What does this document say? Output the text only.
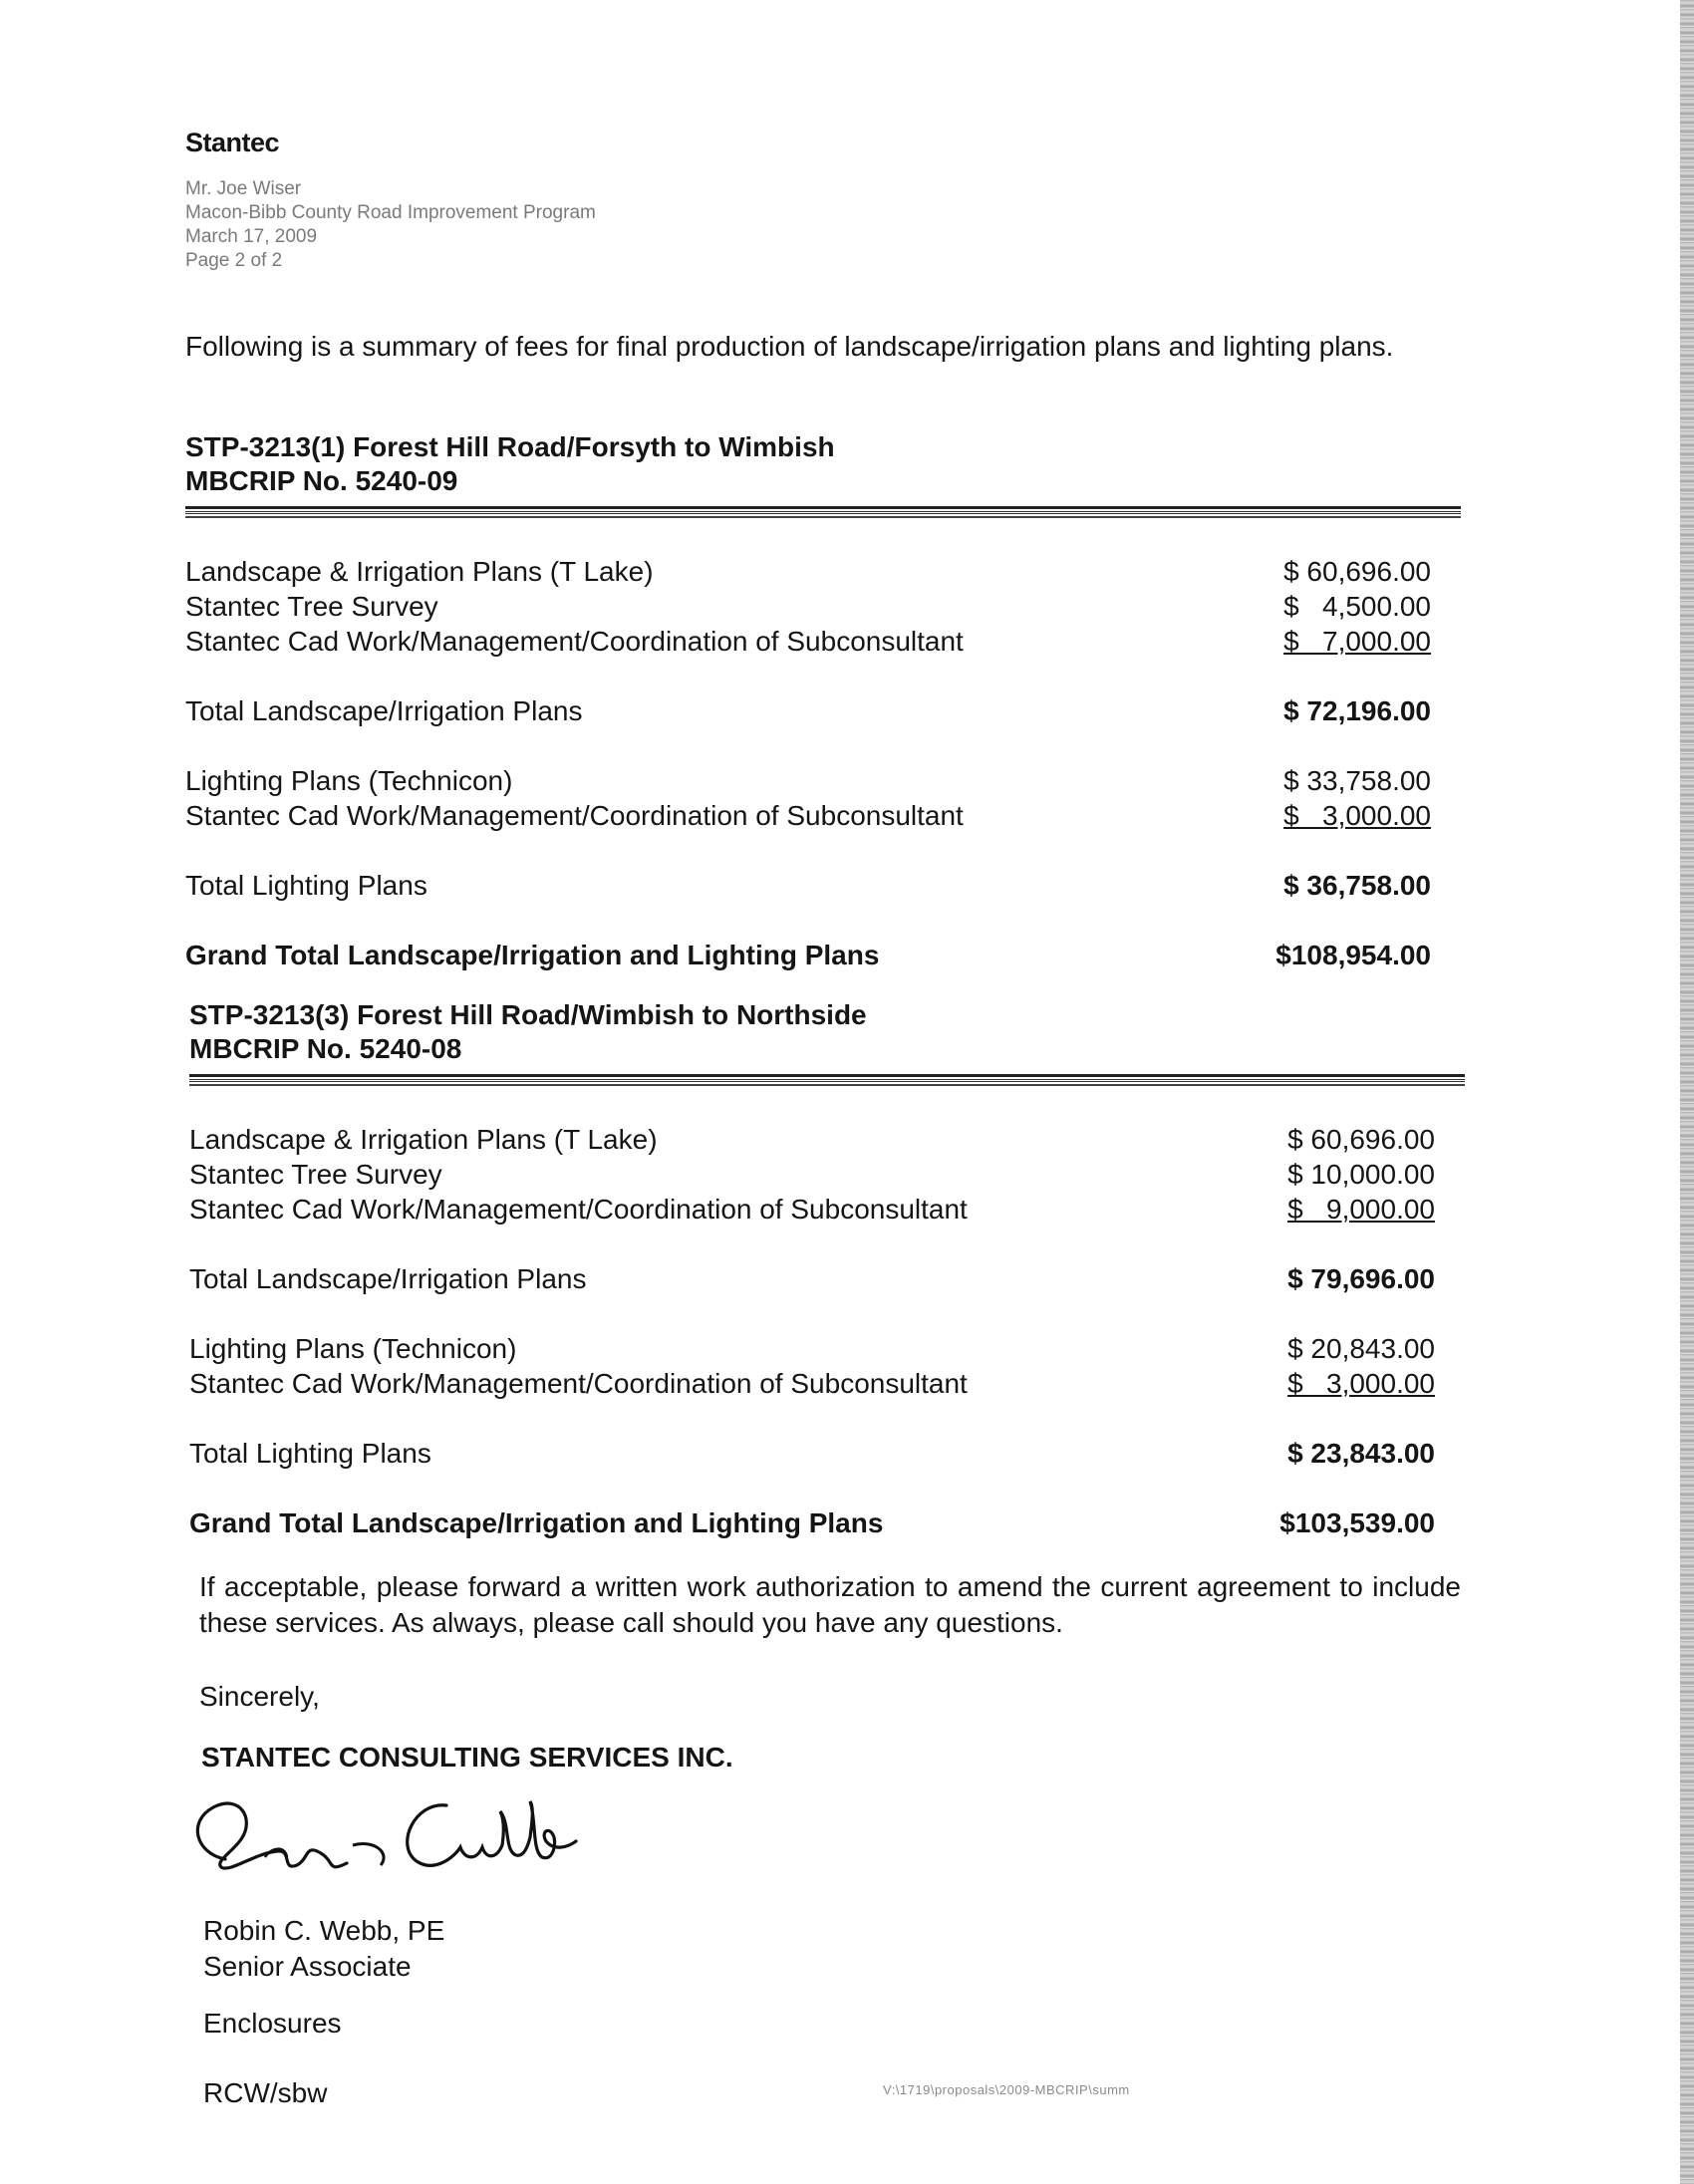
Stantec
Mr. Joe Wiser
Macon-Bibb County Road Improvement Program
March 17, 2009
Page 2 of 2
Following is a summary of fees for final production of landscape/irrigation plans and lighting plans.
STP-3213(1) Forest Hill Road/Forsyth to Wimbish
MBCRIP No. 5240-09
Landscape & Irrigation Plans (T Lake)	$ 60,696.00
Stantec Tree Survey	$   4,500.00
Stantec Cad Work/Management/Coordination of Subconsultant	$   7,000.00
Total Landscape/Irrigation Plans	$ 72,196.00
Lighting Plans (Technicon)	$ 33,758.00
Stantec Cad Work/Management/Coordination of Subconsultant	$   3,000.00
Total Lighting Plans	$ 36,758.00
Grand Total Landscape/Irrigation and Lighting Plans	$108,954.00
STP-3213(3) Forest Hill Road/Wimbish to Northside
MBCRIP No. 5240-08
Landscape & Irrigation Plans (T Lake)	$ 60,696.00
Stantec Tree Survey	$ 10,000.00
Stantec Cad Work/Management/Coordination of Subconsultant	$   9,000.00
Total Landscape/Irrigation Plans	$ 79,696.00
Lighting Plans (Technicon)	$ 20,843.00
Stantec Cad Work/Management/Coordination of Subconsultant	$   3,000.00
Total Lighting Plans	$ 23,843.00
Grand Total Landscape/Irrigation and Lighting Plans	$103,539.00
If acceptable, please forward a written work authorization to amend the current agreement to include these services. As always, please call should you have any questions.
Sincerely,
STANTEC CONSULTING SERVICES INC.
Robin C. Webb, PE
Senior Associate
Enclosures
RCW/sbw	V:\1719\proposals\2009-MBCRIP\summ
